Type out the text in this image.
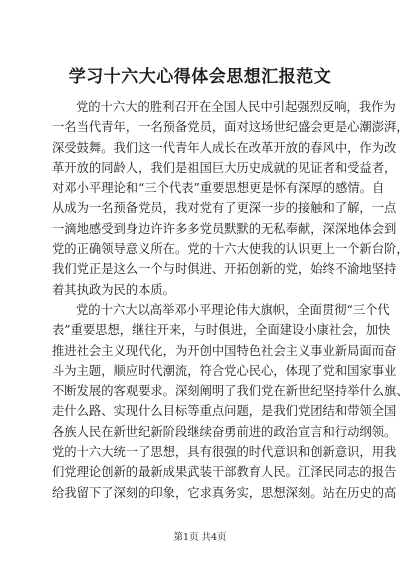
学习十六大心得体会思想汇报范文
党的十六大的胜利召开在全国人民中引起强烈反响，我作为
一名当代青年，一名预备党员，面对这场世纪盛会更是心潮澎湃，
深受鼓舞。我们这一代青年人成长在改革开放的春风中，作为改
革开放的同龄人，我们是祖国巨大历史成就的见证者和受益者，
对邓小平理论和“三个代表”重要思想更是怀有深厚的感情。自
从成为一名预备党员，我对党有了更深一步的接触和了解，一点
一滴地感受到身边许许多多党员默默的无私奉献，深深地体会到
党的正确领导意义所在。党的十六大使我的认识更上一个新台阶，
我们党正是这么一个与时俱进、开拓创新的党，始终不渝地坚持
着其执政为民的本质。
党的十六大以高举邓小平理论伟大旗帜，全面贯彻“三个代
表”重要思想，继往开来，与时俱进，全面建设小康社会，加快
推进社会主义现代化，为开创中国特色社会主义事业新局面而奋
斗为主题，顺应时代潮流，符合党心民心，体现了党和国家事业
不断发展的客观要求。深刻阐明了我们党在新世纪坚持举什么旗、
走什么路、实现什么目标等重点问题，是我们党团结和带领全国
各族人民在新世纪新阶段继续奋勇前进的政治宣言和行动纲领。
党的十六大统一了思想，具有很强的时代意识和创新意识，用我
们党理论创新的最新成果武装干部教育人民。江泽民同志的报告
给我留下了深刻的印象，它求真务实，思想深刻。站在历史的高
第1页 共4页
